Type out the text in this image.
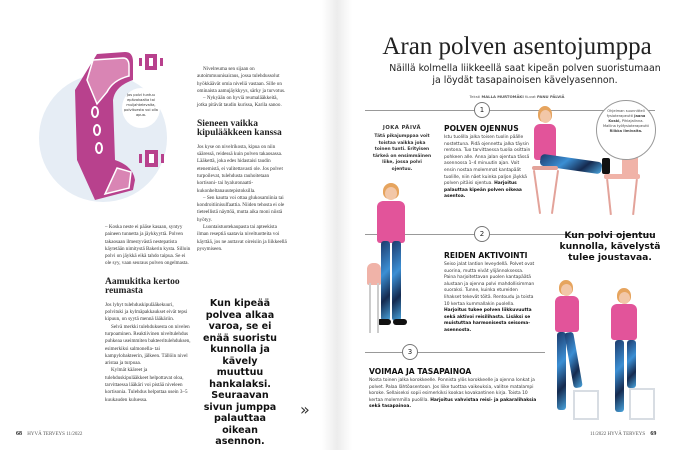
Jos polvi tuntuu epävakaalta tai muljahtelevalta, polvituesta voi olla apua.

– Koska neste ei pääse kasaan, syntyy paineen tunnetta ja jäykkyyttä. Polven takaosaan ilmestyvästä nestepatista käytetään nimitystä Bakerin kysta. Silloin polvi on jäykkä eikä tahdo taipua. Se ei ole syy, vaan seuraus polven ongelmasta.

Aamukitka kertoo reumasta

Jos lyhyt tulehduskipulääkekuuri, polvituki ja kylmäpakkaukset eivät tepsi kipuun, on syytä mennä lääkäriin.

Selvä merkki tulehduksesta on nivelen turpoaminen. Reaktiivinen niveltulehdus puhkeaa useimmiten bakteeritulehduksen, esimerkiksi salmonella- tai kampylobakteerin, jälkeen. Tällöin nivel aristaa ja turpoaa.

Kylmät kääreet ja tulehduskipulääkkeet helpottavat oloa, tarvittaessa lääkäri voi pistää niveleen kortisonia. Tulehdus helpottaa usein 3–5 kuukauden kuluessa.

Nivelreuma sen sijaan on autoimmuunisairaus, jossa tulehdussolut hyökkäävät omia niveliä vastaan. Sille on ominaista aamujäykkyys, särky ja turvotus.

– Nykyään on hyviä reumalääkkeitä, jotka pitävät taudin kurissa, Karila sanoo.

Sieneen vaikka kipulääkkeen kanssa

Jos kyse on nivelrikosta, kipua on niin sääressä, reidessä kuin polven takaosassa. Lääkettä, joka edes hidastaisi taudin etenemistä, ei valitettavasti ole. Jos polvet turpoilevat, tulehdusta rauhoitetaan kortisoni- tai hyaluronaatti-kukonheltanauutepistoksilla.

– Sen kautta voi ottaa glukosamiinia tai kondroitiinisulfaattia. Niiden tehosta ei ole tieteellistä näyttöä, mutta aika moni niistä hyötyy.

Luontaistuotekaupasta tai apteekista ilman reseptiä saatavia niveltuotteita voi käyttää, jos ne auttavat oireisiin ja liikkeellä pysymiseen.

Kun kipeää polvea alkaa varoa, se ei enää suoristu kunnolla ja kävely muuttuu hankalaksi. Seuraavan sivun jumppa palauttaa oikean asennon.
»
68 HYVÄ TERVEYS 11/2022
Aran polven asentojumppa
Näillä kolmella liikkeellä saat kipeän polven suoristumaan ja löydät tasapainoisen kävelyasennon.
Teksti MALLA MURTOMÄKI Kuvat PANU PÄLVIÄ
1
2
3
JOKA PÄIVÄ
Tätä pikajumppaa voit toistaa vaikka joka toinen tunti. Erityisen tärkeä on ensimmäinen liike, jossa polvi ojentuu.
POLVEN OJENNUS
Istu tuolilla jalka toisen tuolin päälle nostettuna. Pidä ojennettu jalka täysin rentona. Tuo tarvittaessa tuolia osittain pohkeen alle. Anna jalan ojentua tässä asennossa 1–4 minuutin ajan. Voit ensin nostaa molemmat kantapäät tuolille, niin näet kuinka paljon jäykkä polven pitäisi ojentua. Harjoitus palauttaa kipeän polven oikeaa asentoa.
REIDEN AKTIVOINTI
Seiso jalat lantion leveydellä. Polvet ovat suorina, mutta eivät ylijännoksessa. Paina harjoitettavan puolen kantapäätä alustaan ja ojenna polvi mahdollisimman suoraksi. Tunne, kuinka etureiden lihakset tekevät töitä. Rentoudu ja toista 10 kertaa kummallakin puolella. Harjoitus tukee polven liikkuvuutta sekä aktivoi reisilihasta. Lisäksi se muistuttaa harmonisesta seisoma-asennosta.
VOIMAA JA TASAPAINOA
Nosta toinen jalka korokkeelle. Ponnista ylös korokkeelle ja ojenna lonkat ja polvet. Palaa lähtöasentoon. Jos liike tuottaa vaikeuksia, valitse matalampi koroke. Sellaiseksi sopii esimerkiksi kookas kovakantinen kirja. Toista 10 kertaa molemmilla puolilla. Harjoitus vahvistaa reisi- ja pakaralihaksia sekä tasapainoa.
Ohjelman suunnitteli fysioterapeutti Jaana Koski, Pihlajalinna. Mallina työfysioterapeutti Riikka Ilmivalta.
Kun polvi ojentuu kunnolla, kävelystä tulee joustavaa.
11/2022 HYVÄ TERVEYS 69
